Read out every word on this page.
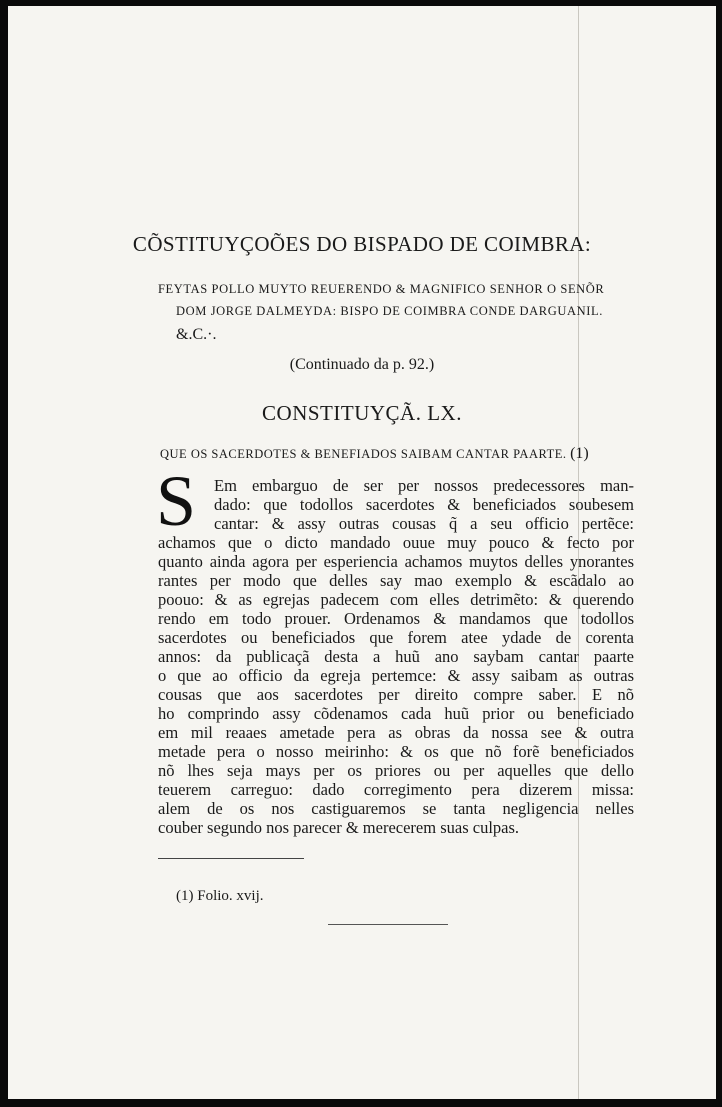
CÕSTITUYÇOÕES DO BISPADO DE COIMBRA:
FEYTAS POLLO MUYTO REUERENDO & MAGNIFICO SENHOR O SENÕR
DOM JORGE DALMEYDA: BISPO DE COIMBRA CONDE DARGUANIL.
&.C.·.
(Continuado da p. 92.)
CONSTITUYÇÃ. LX.
QUE OS SACERDOTES & BENEFIADOS SAIBAM CANTAR PAARTE. (1)
S Em embarguo de ser per nossos predecessores man-
dado: que todollos sacerdotes & beneficiados soubesem
cantar: & assy outras cousas q̃ a seu officio pertẽce:
achamos que o dicto mandado ouue muy pouco & fecto por
quanto ainda agora per esperiencia achamos muytos delles ynorantes
rantes per modo que delles say mao exemplo & escãdalo ao
poouo: & as egrejas padecem com elles detrimẽto: & querendo
rendo em todo prouer. Ordenamos & mandamos que todollos
sacerdotes ou beneficiados que forem atee ydade de corenta
annos: da publicaçã desta a huũ ano saybam cantar paarte
o que ao officio da egreja pertemce: & assy saibam as outras
cousas que aos sacerdotes per direito compre saber. E nõ
ho comprindo assy cõdenamos cada huũ prior ou beneficiado
em mil reaaes ametade pera as obras da nossa see & outra
metade pera o nosso meirinho: & os que nõ forẽ beneficiados
nõ lhes seja mays per os priores ou per aquelles que dello
teuerem carreguo: dado corregimento pera dizerem missa:
alem de os nos castiguaremos se tanta negligencia nelles
couber segundo nos parecer & merecerem suas culpas.
(1) Folio. xvij.
